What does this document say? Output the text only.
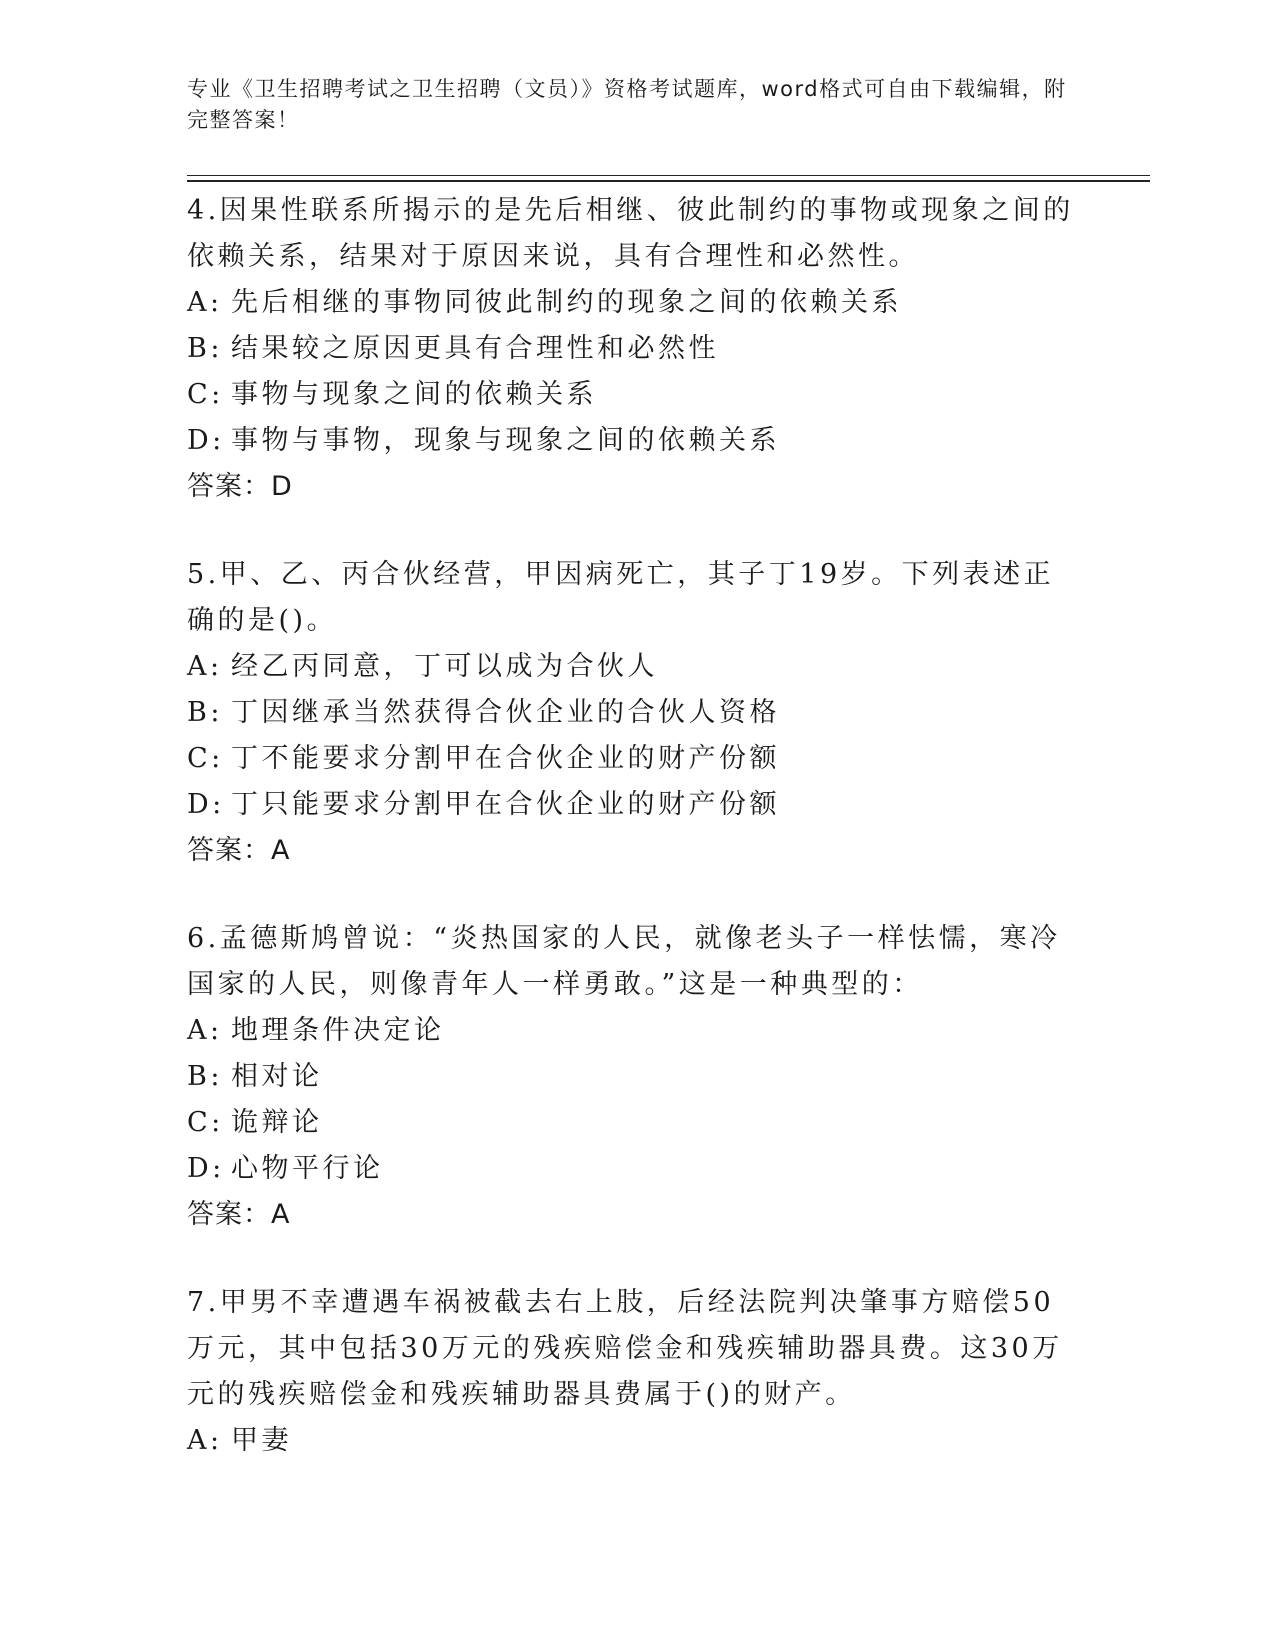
专业《卫生招聘考试之卫生招聘（文员）》资格考试题库，word格式可自由下载编辑，附完整答案！
4.因果性联系所揭示的是先后相继、彼此制约的事物或现象之间的依赖关系，结果对于原因来说，具有合理性和必然性。
A: 先后相继的事物同彼此制约的现象之间的依赖关系
B: 结果较之原因更具有合理性和必然性
C: 事物与现象之间的依赖关系
D: 事物与事物，现象与现象之间的依赖关系
答案：D
5.甲、乙、丙合伙经营，甲因病死亡，其子丁19岁。下列表述正确的是()。
A: 经乙丙同意，丁可以成为合伙人
B: 丁因继承当然获得合伙企业的合伙人资格
C: 丁不能要求分割甲在合伙企业的财产份额
D: 丁只能要求分割甲在合伙企业的财产份额
答案：A
6.孟德斯鸠曾说：“炎热国家的人民，就像老头子一样怯懦，寒冷国家的人民，则像青年人一样勇敢。”这是一种典型的：
A: 地理条件决定论
B: 相对论
C: 诡辩论
D: 心物平行论
答案：A
7.甲男不幸遭遇车祸被截去右上肢，后经法院判决肇事方赔偿50万元，其中包括30万元的残疾赔偿金和残疾辅助器具费。这30万元的残疾赔偿金和残疾辅助器具费属于()的财产。
A: 甲妻
